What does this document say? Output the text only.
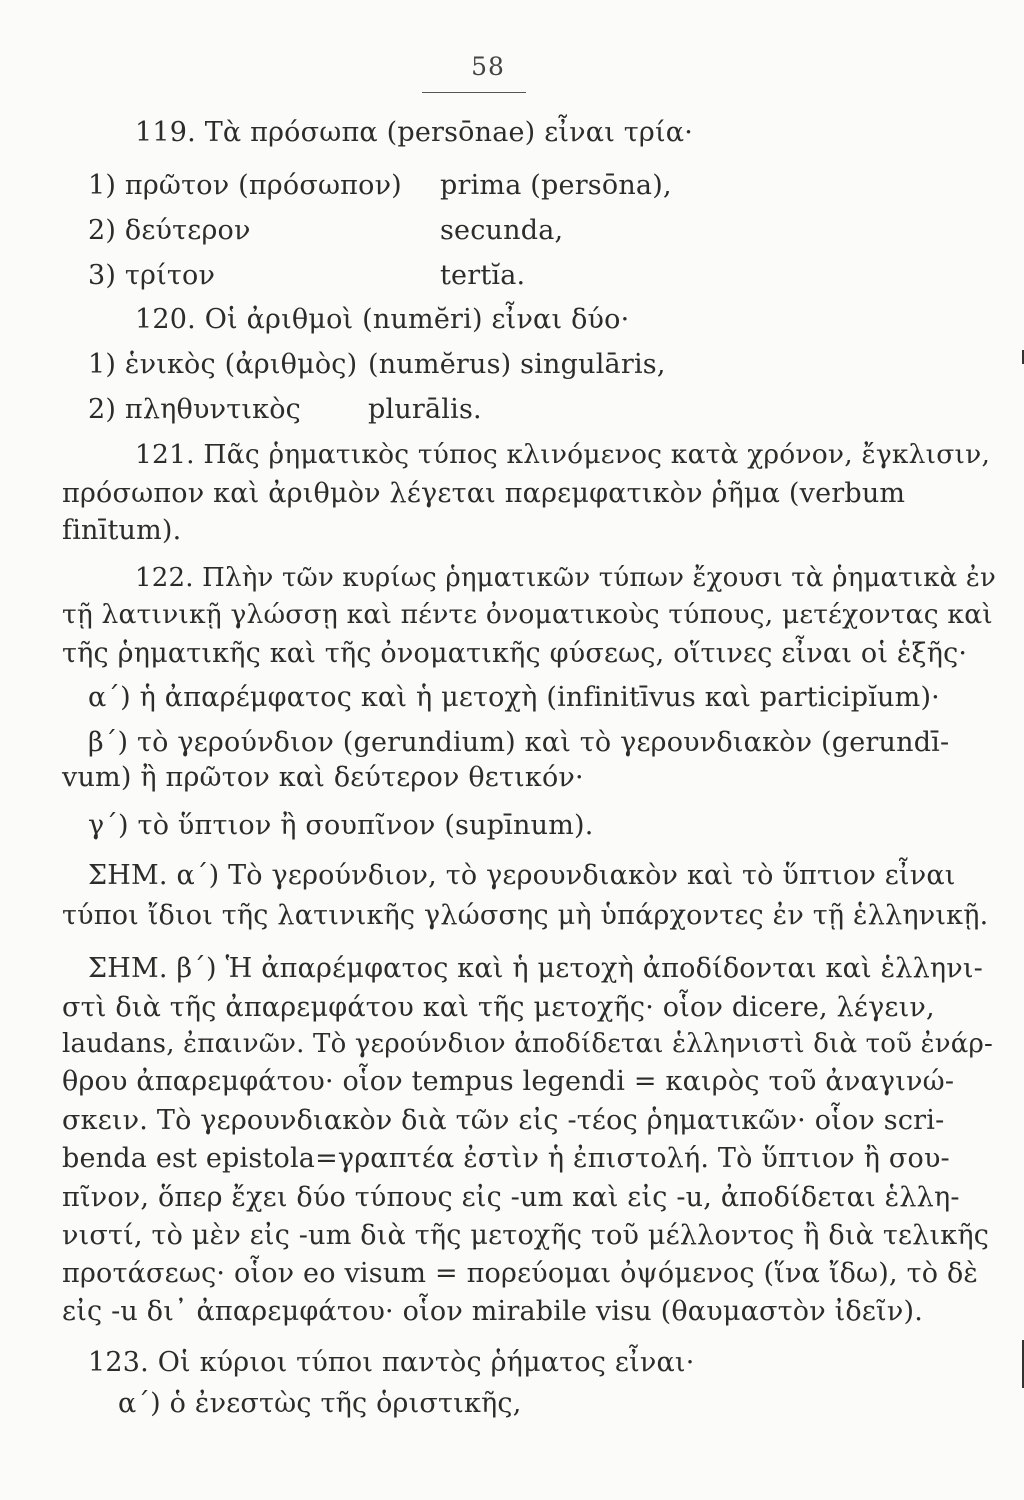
58
119. Τὰ πρόσωπα (persōnae) εἶναι τρία·
1) πρῶτον (πρόσωπον)
2) δεύτερον
3) τρίτον
120. Οἱ ἀριθμοὶ (numĕri) εἶναι δύο·
1) ἑνικὸς (ἀριθμὸς)
2) πληθυντικὸς
121. Πᾶς ῥηματικὸς τύπος κλινόμενος κατὰ χρόνον, ἔγκλισιν,
πρόσωπον καὶ ἀριθμὸν λέγεται παρεμφατικὸν ῥῆμα (verbum
finītum).
122. Πλὴν τῶν κυρίως ῥηματικῶν τύπων ἔχουσι τὰ ῥηματικὰ ἐν
τῇ λατινικῇ γλώσσῃ καὶ πέντε ὀνοματικοὺς τύπους, μετέχοντας καὶ
τῆς ῥηματικῆς καὶ τῆς ὀνοματικῆς φύσεως, οἵτινες εἶναι οἱ ἑξῆς·
α΄) ἡ ἀπαρέμφατος καὶ ἡ μετοχὴ (infinitīvus καὶ participĭum)·
β΄) τὸ γερούνδιον (gerundium) καὶ τὸ γερουνδιακὸν (gerundī-
vum) ἢ πρῶτον καὶ δεύτερον θετικόν·
γ΄) τὸ ὕπτιον ἢ σουπῖνον (supīnum).
ΣΗΜ. α΄) Τὸ γερούνδιον, τὸ γερουνδιακὸν καὶ τὸ ὕπτιον εἶναι
τύποι ἴδιοι τῆς λατινικῆς γλώσσης μὴ ὑπάρχοντες ἐν τῇ ἑλληνικῇ.
ΣΗΜ. β΄) Ἡ ἀπαρέμφατος καὶ ἡ μετοχὴ ἀποδίδονται καὶ ἑλληνι-
στὶ διὰ τῆς ἀπαρεμφάτου καὶ τῆς μετοχῆς· οἷον dicere, λέγειν,
laudans, ἐπαινῶν. Τὸ γερούνδιον ἀποδίδεται ἑλληνιστὶ διὰ τοῦ ἐνάρ-
θρου ἀπαρεμφάτου· οἷον tempus legendi = καιρὸς τοῦ ἀναγινώ-
σκειν. Τὸ γερουνδιακὸν διὰ τῶν εἰς -τέος ῥηματικῶν· οἷον scri-
benda est epistola=γραπτέα ἐστὶν ἡ ἐπιστολή. Τὸ ὕπτιον ἢ σου-
πῖνον, ὅπερ ἔχει δύο τύπους εἰς -um καὶ εἰς -u, ἀποδίδεται ἑλλη-
νιστί, τὸ μὲν εἰς -um διὰ τῆς μετοχῆς τοῦ μέλλοντος ἢ διὰ τελικῆς
προτάσεως· οἷον eo visum = πορεύομαι ὀψόμενος (ἵνα ἴδω), τὸ δὲ
εἰς -u δι᾽ ἀπαρεμφάτου· οἷον mirabile visu (θαυμαστὸν ἰδεῖν).
123. Οἱ κύριοι τύποι παντὸς ῥήματος εἶναι·
α΄) ὁ ἐνεστὼς τῆς ὁριστικῆς,
prima (persōna),
secunda,
tertĭa.
(numĕrus) singulāris,
plurālis.
